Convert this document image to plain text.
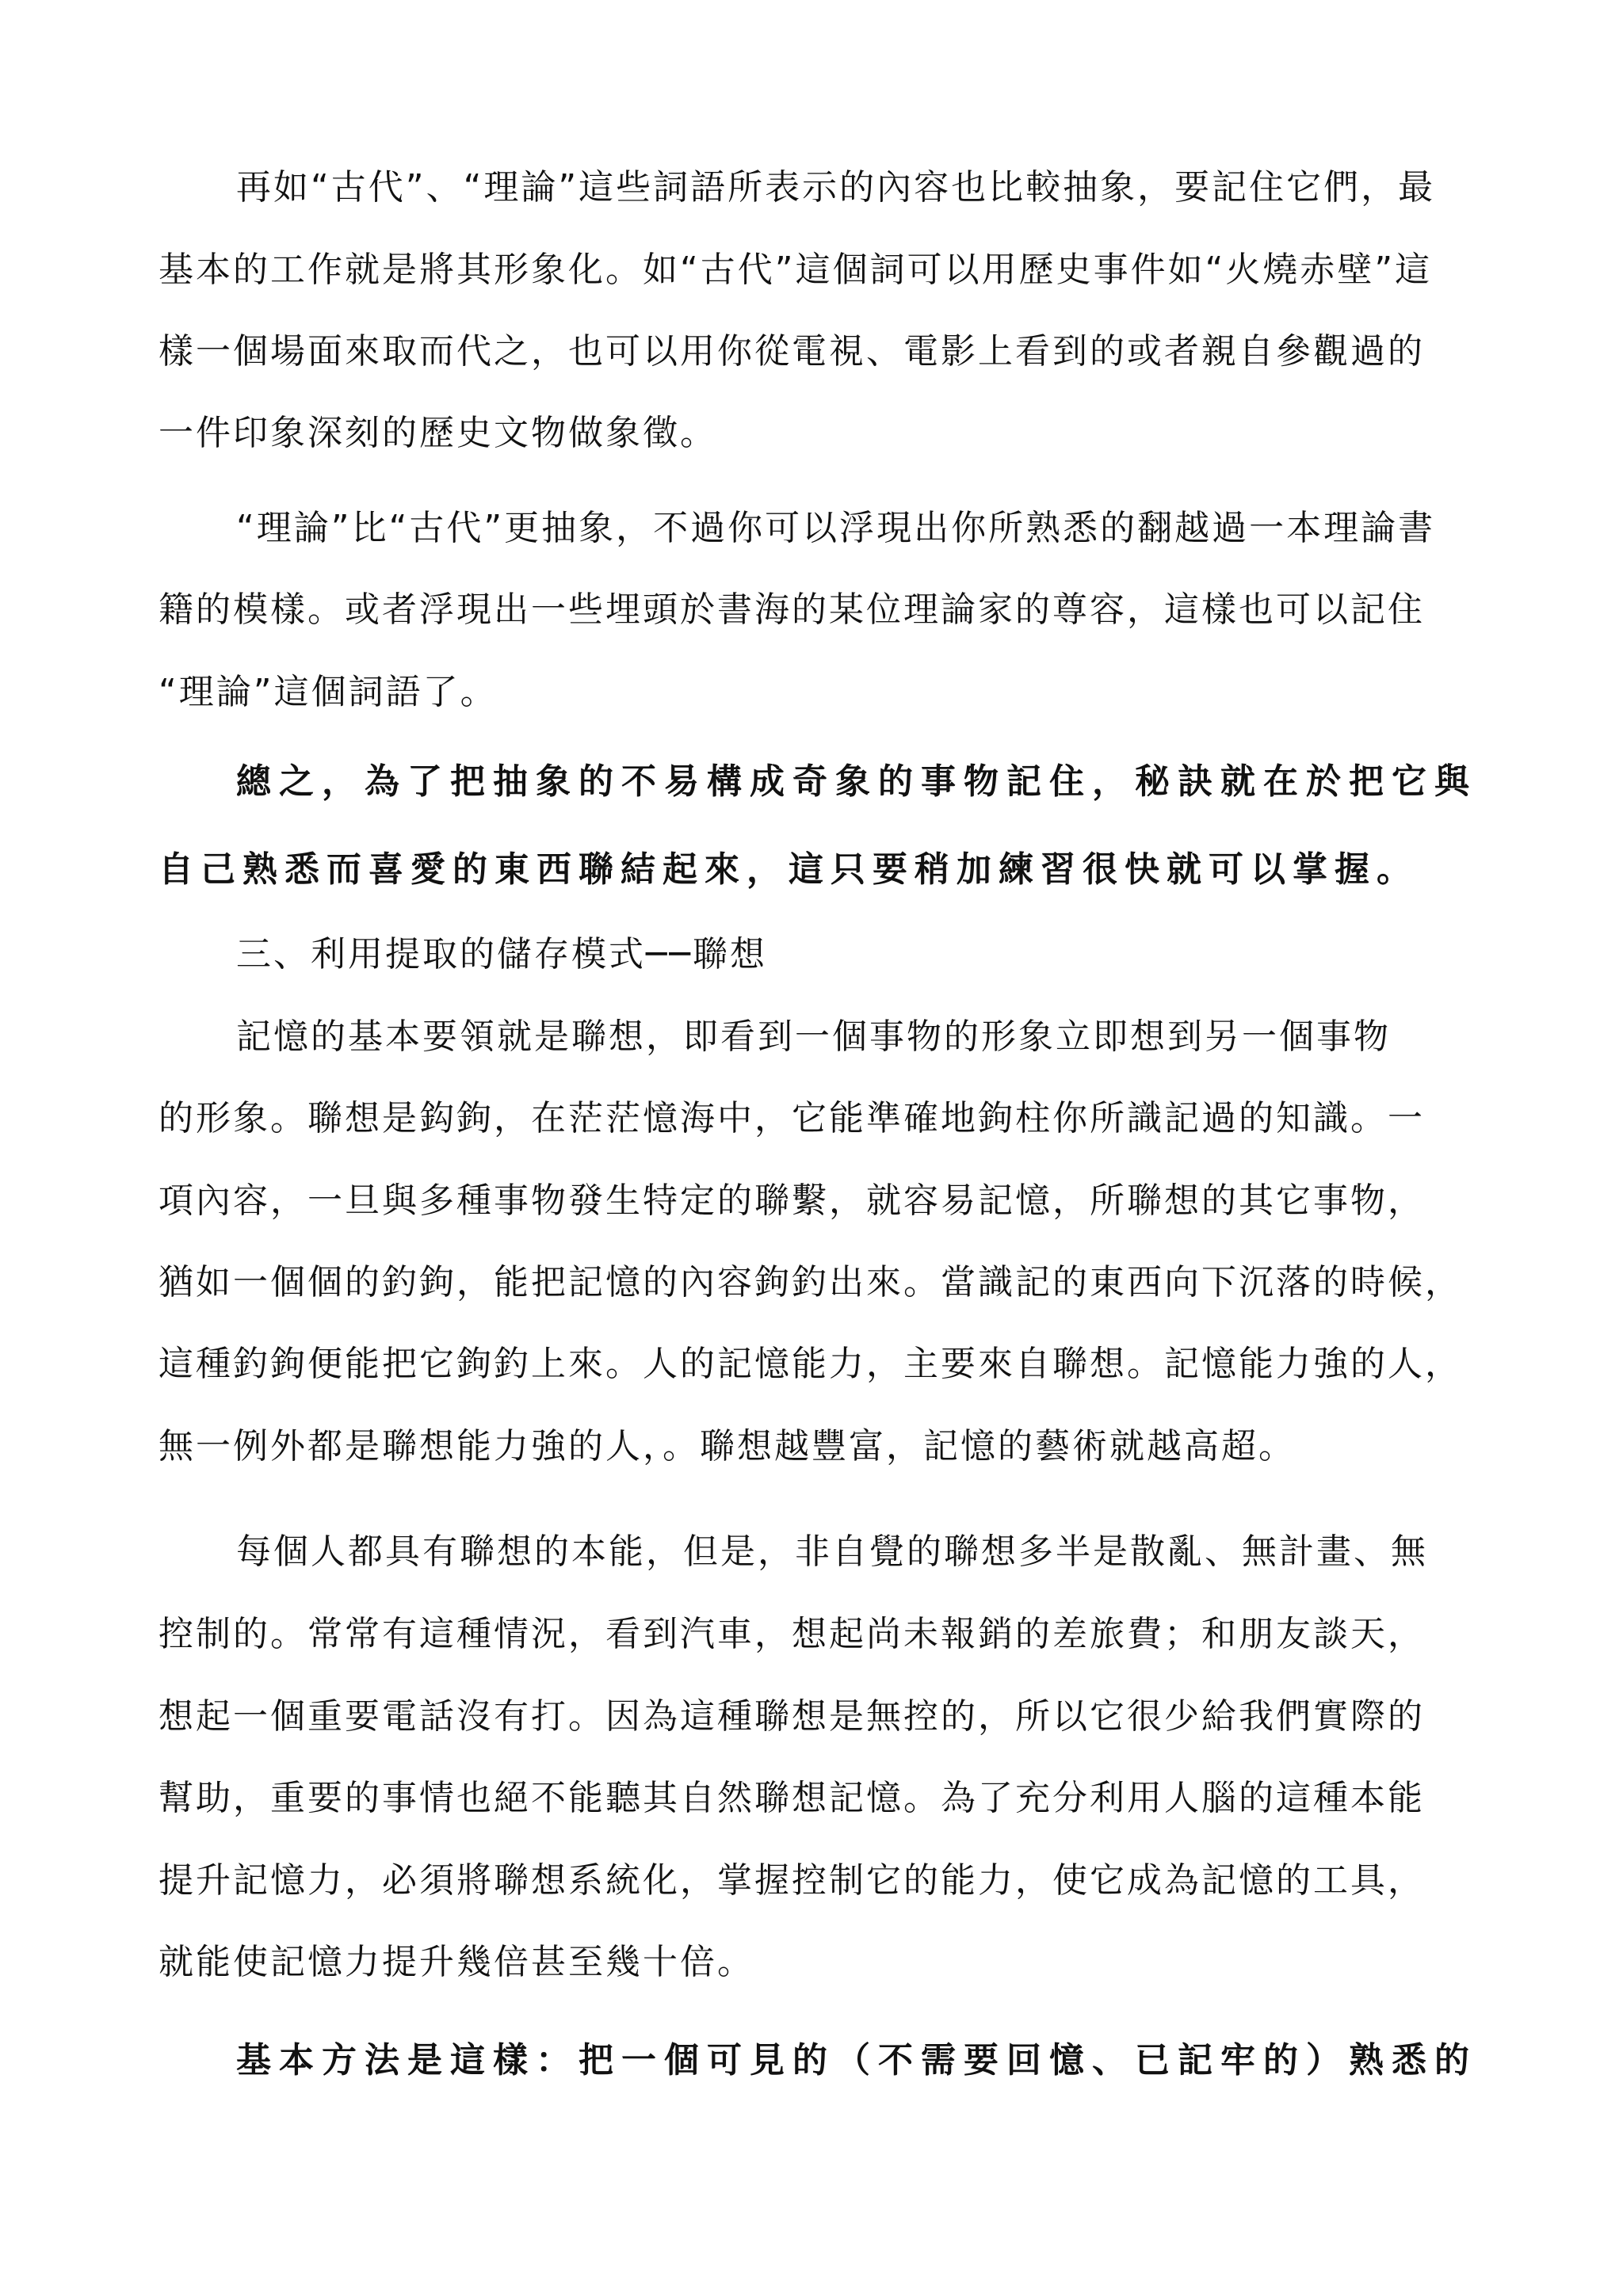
再如“古代”、“理論”這些詞語所表示的內容也比較抽象，要記住它們，最

基本的工作就是將其形象化。如“古代”這個詞可以用歷史事件如“火燒赤壁”這

樣一個場面來取而代之，也可以用你從電視、電影上看到的或者親自參觀過的

一件印象深刻的歷史文物做象徵。

“理論”比“古代”更抽象，不過你可以浮現出你所熟悉的翻越過一本理論書

籍的模樣。或者浮現出一些埋頭於書海的某位理論家的尊容，這樣也可以記住

“理論”這個詞語了。

總之，為了把抽象的不易構成奇象的事物記住，秘訣就在於把它與

自己熟悉而喜愛的東西聯結起來，這只要稍加練習很快就可以掌握。

三、利用提取的儲存模式──聯想

記憶的基本要領就是聯想，即看到一個事物的形象立即想到另一個事物

的形象。聯想是鈎鉤，在茫茫憶海中，它能準確地鉤柱你所識記過的知識。一

項內容，一旦與多種事物發生特定的聯繫，就容易記憶，所聯想的其它事物，

猶如一個個的釣鉤，能把記憶的內容鉤釣出來。當識記的東西向下沉落的時候，

這種釣鉤便能把它鉤釣上來。人的記憶能力，主要來自聯想。記憶能力強的人，

無一例外都是聯想能力強的人，。聯想越豐富，記憶的藝術就越高超。

每個人都具有聯想的本能，但是，非自覺的聯想多半是散亂、無計畫、無

控制的。常常有這種情況，看到汽車，想起尚未報銷的差旅費；和朋友談天，

想起一個重要電話沒有打。因為這種聯想是無控的，所以它很少給我們實際的

幫助，重要的事情也絕不能聽其自然聯想記憶。為了充分利用人腦的這種本能

提升記憶力，必須將聯想系統化，掌握控制它的能力，使它成為記憶的工具，

就能使記憶力提升幾倍甚至幾十倍。

基本方法是這樣：把一個可見的（不需要回憶、已記牢的）熟悉的
